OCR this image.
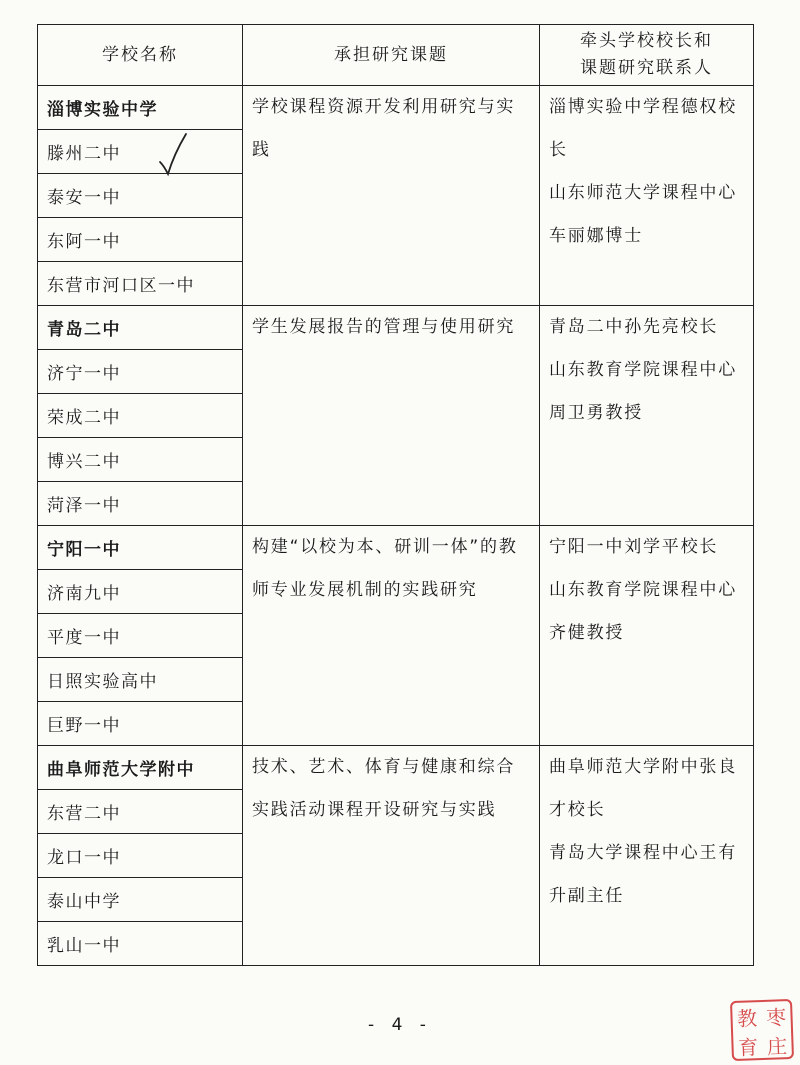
学校名称	承担研究课题	牵头学校校长和
课题研究联系人

淄博实验中学	学校课程资源开发利用研究与实践	淄博实验中学程德权校长
山东师范大学课程中心车丽娜博士

滕州二中		
泰安一中		
东阿一中		
东营市河口区一中		
青岛二中	学生发展报告的管理与使用研究	青岛二中孙先亮校长
山东教育学院课程中心周卫勇教授

济宁一中		
荣成二中		
博兴二中		
菏泽一中		
宁阳一中	构建“以校为本、研训一体”的教师专业发展机制的实践研究	宁阳一中刘学平校长
山东教育学院课程中心齐健教授

济南九中		
平度一中		
日照实验高中		
巨野一中		
曲阜师范大学附中	技术、艺术、体育与健康和综合实践活动课程开设研究与实践	曲阜师范大学附中张良才校长
青岛大学课程中心王有升副主任

东营二中		
龙口一中		
泰山中学		
乳山一中		
- 4 -	教 枣
育 庄
